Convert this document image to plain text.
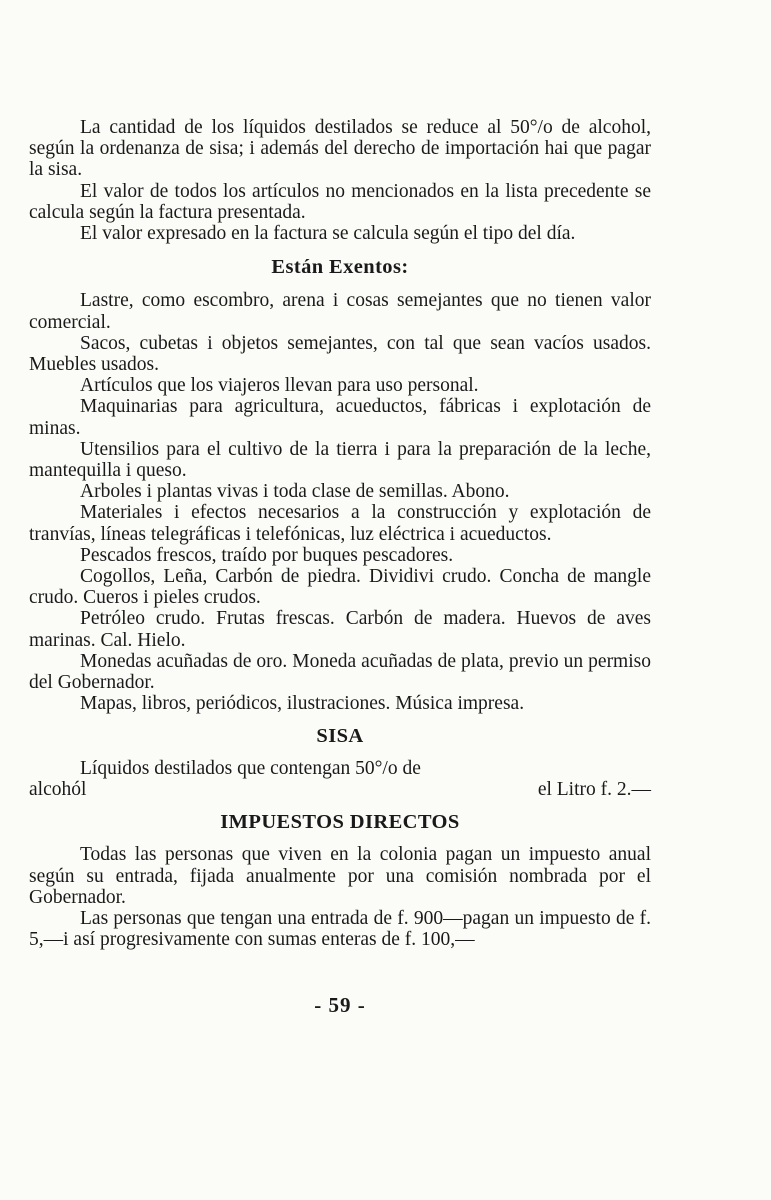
La cantidad de los líquidos destilados se reduce al 50°/o de alcohol, según la ordenanza de sisa; i además del derecho de importación hai que pagar la sisa.

El valor de todos los artículos no mencionados en la lista precedente se calcula según la factura presentada.

El valor expresado en la factura se calcula según el tipo del día.

Están Exentos:

Lastre, como escombro, arena i cosas semejantes que no tienen valor comercial.

Sacos, cubetas i objetos semejantes, con tal que sean vacíos usados. Muebles usados.

Artículos que los viajeros llevan para uso personal.

Maquinarias para agricultura, acueductos, fábricas i explotación de minas.

Utensilios para el cultivo de la tierra i para la preparación de la leche, mantequilla i queso.

Arboles i plantas vivas i toda clase de semillas. Abono.

Materiales i efectos necesarios a la construcción y explotación de tranvías, líneas telegráficas i telefónicas, luz eléctrica i acueductos.

Pescados frescos, traído por buques pescadores.

Cogollos, Leña, Carbón de piedra. Dividivi crudo. Concha de mangle crudo. Cueros i pieles crudos.

Petróleo crudo. Frutas frescas. Carbón de madera. Huevos de aves marinas. Cal. Hielo.

Monedas acuñadas de oro. Moneda acuñadas de plata, previo un permiso del Gobernador.

Mapas, libros, periódicos, ilustraciones. Música impresa.

SISA

Líquidos destilados que contengan 50°/o de

alcohól	el Litro f. 2.—
IMPUESTOS DIRECTOS

Todas las personas que viven en la colonia pagan un impuesto anual según su entrada, fijada anualmente por una comisión nombrada por el Gobernador.

Las personas que tengan una entrada de f. 900—pagan un impuesto de f. 5,—i así progresivamente con sumas enteras de f. 100,—

- 59 -
